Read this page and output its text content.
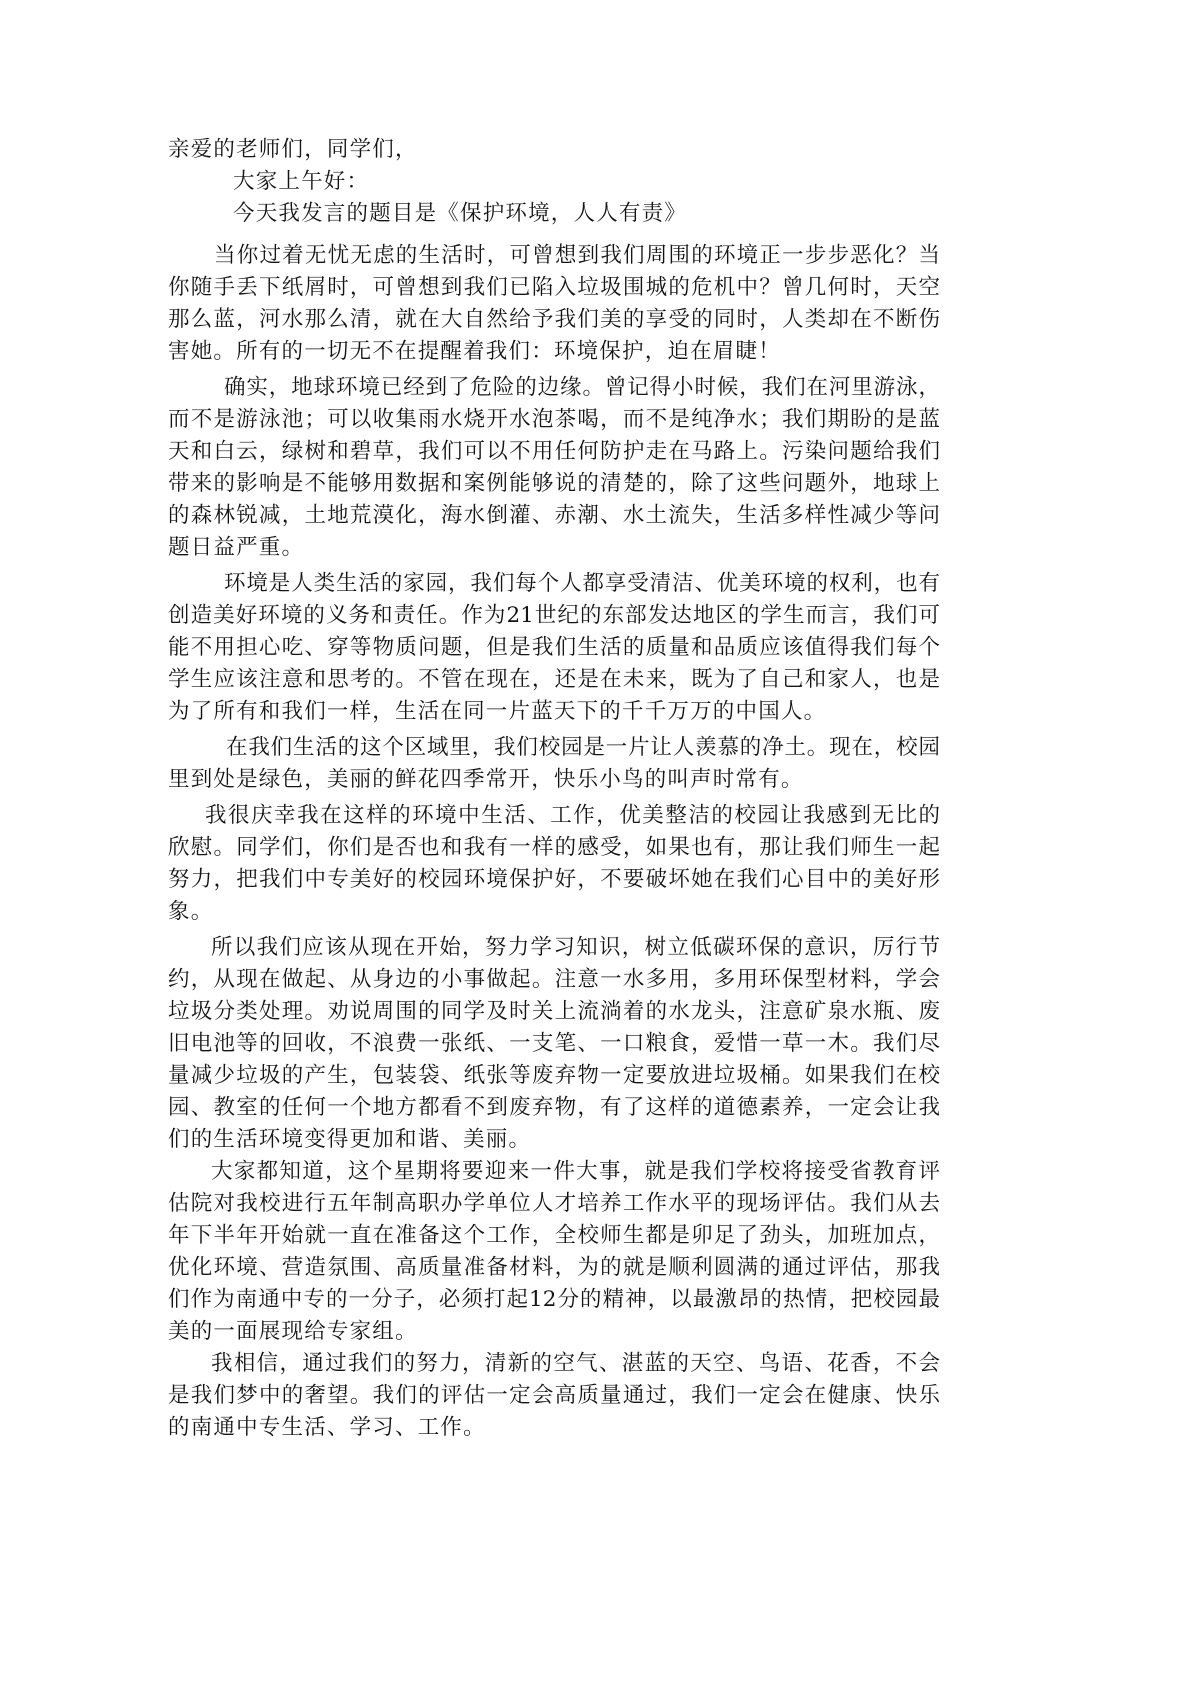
亲爱的老师们，同学们，
大家上午好：
今天我发言的题目是《保护环境，人人有责》
当你过着无忧无虑的生活时，可曾想到我们周围的环境正一步步恶化？当
你随手丢下纸屑时，可曾想到我们已陷入垃圾围城的危机中？曾几何时，天空
那么蓝，河水那么清，就在大自然给予我们美的享受的同时，人类却在不断伤
害她。所有的一切无不在提醒着我们：环境保护，迫在眉睫！
确实，地球环境已经到了危险的边缘。曾记得小时候，我们在河里游泳，
而不是游泳池；可以收集雨水烧开水泡茶喝，而不是纯净水；我们期盼的是蓝
天和白云，绿树和碧草，我们可以不用任何防护走在马路上。污染问题给我们
带来的影响是不能够用数据和案例能够说的清楚的，除了这些问题外，地球上
的森林锐减，土地荒漠化，海水倒灌、赤潮、水土流失，生活多样性减少等问
题日益严重。
环境是人类生活的家园，我们每个人都享受清洁、优美环境的权利，也有
创造美好环境的义务和责任。作为21世纪的东部发达地区的学生而言，我们可
能不用担心吃、穿等物质问题，但是我们生活的质量和品质应该值得我们每个
学生应该注意和思考的。不管在现在，还是在未来，既为了自己和家人，也是
为了所有和我们一样，生活在同一片蓝天下的千千万万的中国人。
在我们生活的这个区域里，我们校园是一片让人羡慕的净土。现在，校园
里到处是绿色，美丽的鲜花四季常开，快乐小鸟的叫声时常有。
我很庆幸我在这样的环境中生活、工作，优美整洁的校园让我感到无比的
欣慰。同学们，你们是否也和我有一样的感受，如果也有，那让我们师生一起
努力，把我们中专美好的校园环境保护好，不要破坏她在我们心目中的美好形
象。
所以我们应该从现在开始，努力学习知识，树立低碳环保的意识，厉行节
约，从现在做起、从身边的小事做起。注意一水多用，多用环保型材料，学会
垃圾分类处理。劝说周围的同学及时关上流淌着的水龙头，注意矿泉水瓶、废
旧电池等的回收，不浪费一张纸、一支笔、一口粮食，爱惜一草一木。我们尽
量减少垃圾的产生，包装袋、纸张等废弃物一定要放进垃圾桶。如果我们在校
园、教室的任何一个地方都看不到废弃物，有了这样的道德素养，一定会让我
们的生活环境变得更加和谐、美丽。
大家都知道，这个星期将要迎来一件大事，就是我们学校将接受省教育评
估院对我校进行五年制高职办学单位人才培养工作水平的现场评估。我们从去
年下半年开始就一直在准备这个工作，全校师生都是卯足了劲头，加班加点，
优化环境、营造氛围、高质量准备材料，为的就是顺利圆满的通过评估，那我
们作为南通中专的一分子，必须打起12分的精神，以最激昂的热情，把校园最
美的一面展现给专家组。
我相信，通过我们的努力，清新的空气、湛蓝的天空、鸟语、花香，不会
是我们梦中的奢望。我们的评估一定会高质量通过，我们一定会在健康、快乐
的南通中专生活、学习、工作。
